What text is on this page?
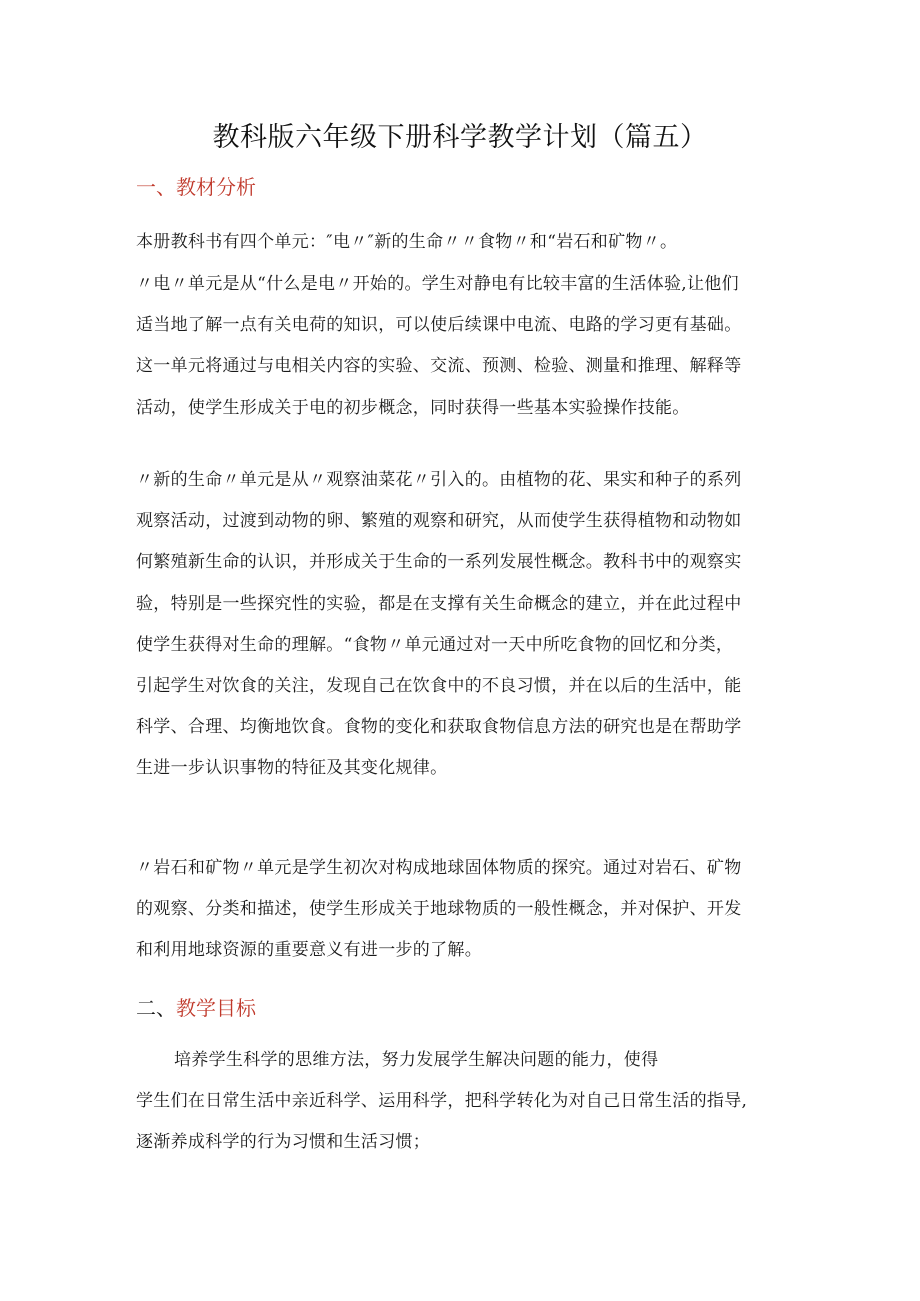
教科版六年级下册科学教学计划（篇五）
一、教材分析
本册教科书有四个单元：″电〃″新的生命〃〃食物〃和“岩石和矿物〃。
〃电〃单元是从“什么是电〃开始的。学生对静电有比较丰富的生活体验,让他们
适当地了解一点有关电荷的知识，可以使后续课中电流、电路的学习更有基础。
这一单元将通过与电相关内容的实验、交流、预测、检验、测量和推理、解释等
活动，使学生形成关于电的初步概念，同时获得一些基本实验操作技能。
〃新的生命〃单元是从〃观察油菜花〃引入的。由植物的花、果实和种子的系列
观察活动，过渡到动物的卵、繁殖的观察和研究，从而使学生获得植物和动物如
何繁殖新生命的认识，并形成关于生命的一系列发展性概念。教科书中的观察实
验，特别是一些探究性的实验，都是在支撑有关生命概念的建立，并在此过程中
使学生获得对生命的理解。“食物〃单元通过对一天中所吃食物的回忆和分类，
引起学生对饮食的关注，发现自己在饮食中的不良习惯，并在以后的生活中，能
科学、合理、均衡地饮食。食物的变化和获取食物信息方法的研究也是在帮助学
生进一步认识事物的特征及其变化规律。
〃岩石和矿物〃单元是学生初次对构成地球固体物质的探究。通过对岩石、矿物
的观察、分类和描述，使学生形成关于地球物质的一般性概念，并对保护、开发
和利用地球资源的重要意义有进一步的了解。
二、教学目标
培养学生科学的思维方法，努力发展学生解决问题的能力，使得
学生们在日常生活中亲近科学、运用科学，把科学转化为对自己日常生活的指导,
逐渐养成科学的行为习惯和生活习惯；
